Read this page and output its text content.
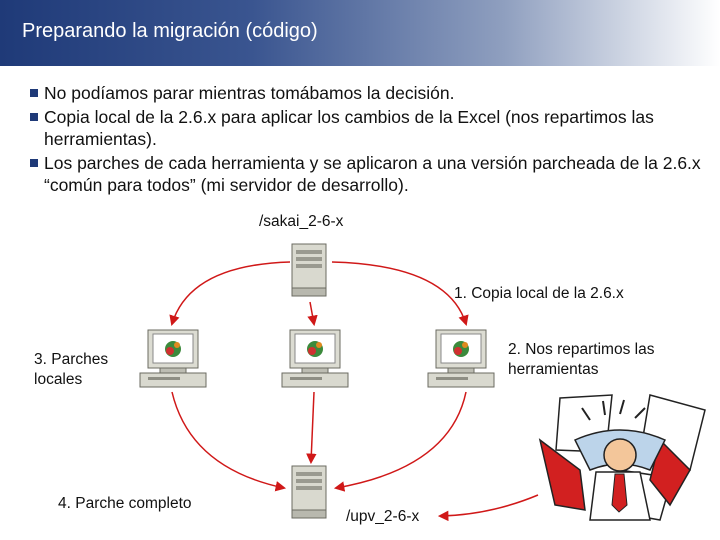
Preparando la migración (código)
No podíamos parar mientras tomábamos la decisión.
Copia local de la 2.6.x para aplicar los cambios de la Excel (nos repartimos las herramientas).
Los parches de cada herramienta y se aplicaron a una versión parcheada de la 2.6.x “común para todos” (mi servidor de desarrollo).
/sakai_2-6-x
1. Copia local de la 2.6.x
2. Nos repartimos las herramientas
3. Parches locales
4. Parche completo
/upv_2-6-x
